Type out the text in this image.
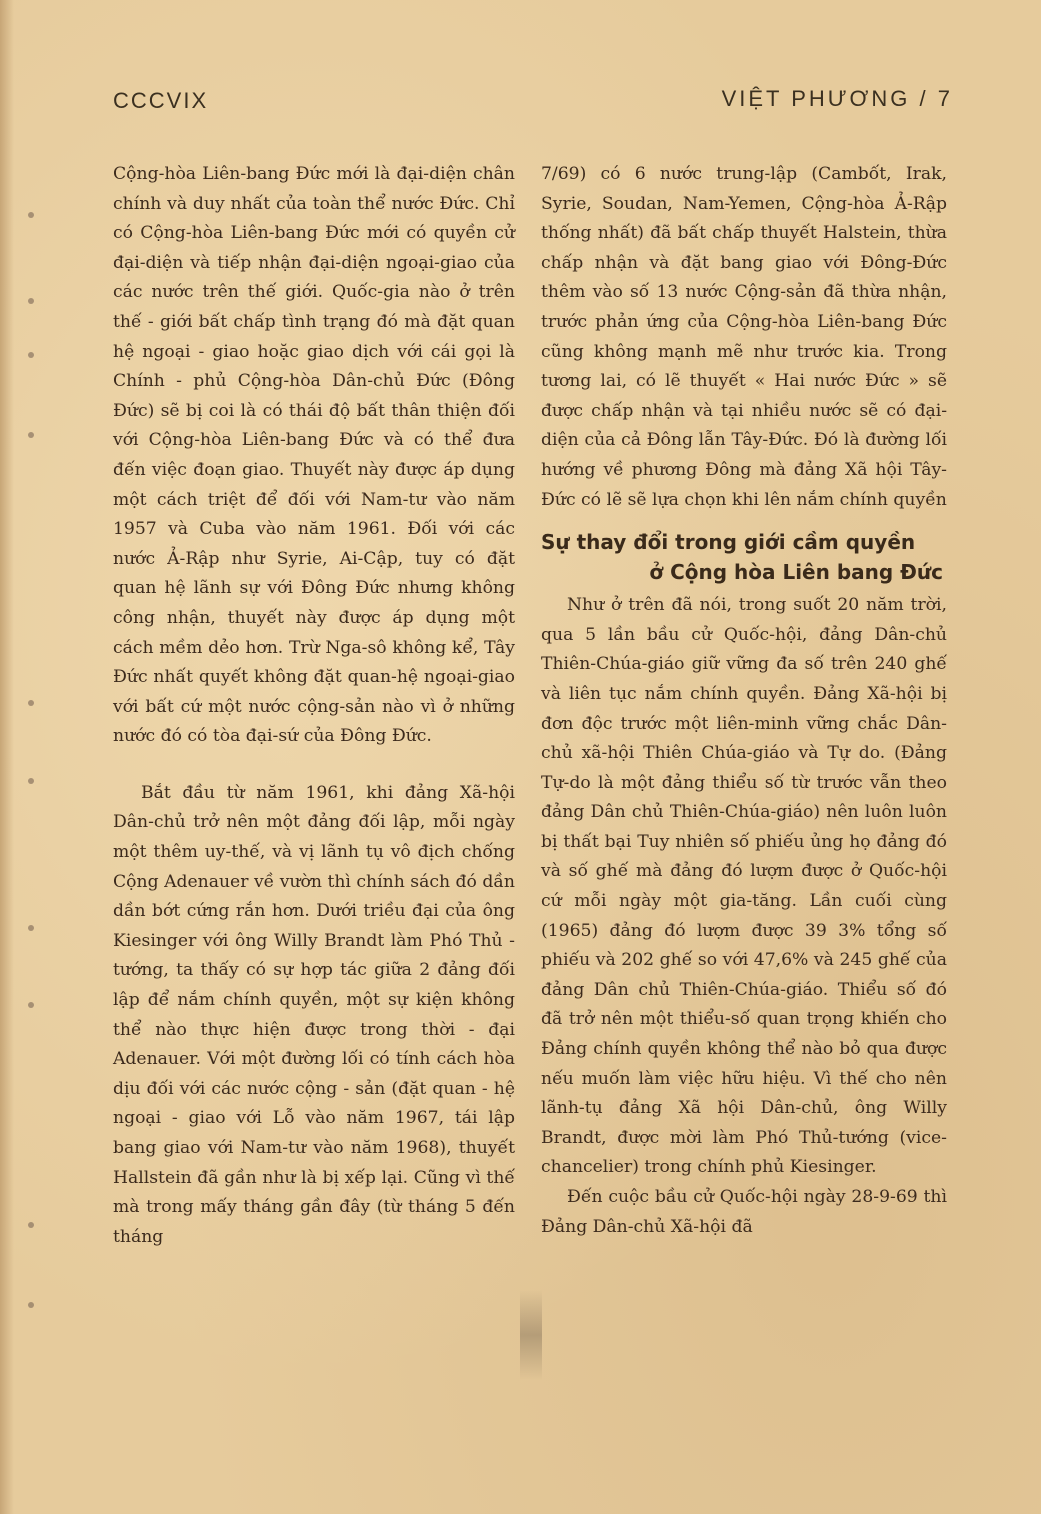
CCCVIX	VIỆT PHƯƠNG / 7

Cộng-hòa Liên-bang Đức mới là đại-diện chân chính và duy nhất của toàn thể nước Đức. Chỉ có Cộng-hòa Liên-bang Đức mới có quyền cử đại-diện và tiếp nhận đại-diện ngoại-giao của các nước trên thế giới. Quốc-gia nào ở trên thế - giới bất chấp tình trạng đó mà đặt quan hệ ngoại - giao hoặc giao dịch với cái gọi là Chính - phủ Cộng-hòa Dân-chủ Đức (Đông Đức) sẽ bị coi là có thái độ bất thân thiện đối với Cộng-hòa Liên-bang Đức và có thể đưa đến việc đoạn giao. Thuyết này được áp dụng một cách triệt để đối với Nam-tư vào năm 1957 và Cuba vào năm 1961. Đối với các nước Ả-Rập như Syrie, Ai-Cập, tuy có đặt quan hệ lãnh sự với Đông Đức nhưng không công nhận, thuyết này được áp dụng một cách mềm dẻo hơn. Trừ Nga-sô không kể, Tây Đức nhất quyết không đặt quan-hệ ngoại-giao với bất cứ một nước cộng-sản nào vì ở những nước đó có tòa đại-sứ của Đông Đức.

Bắt đầu từ năm 1961, khi đảng Xã-hội Dân-chủ trở nên một đảng đối lập, mỗi ngày một thêm uy-thế, và vị lãnh tụ vô địch chống Cộng Adenauer về vườn thì chính sách đó dần dần bớt cứng rắn hơn. Dưới triều đại của ông Kiesinger với ông Willy Brandt làm Phó Thủ - tướng, ta thấy có sự hợp tác giữa 2 đảng đối lập để nắm chính quyền, một sự kiện không thể nào thực hiện được trong thời - đại Adenauer. Với một đường lối có tính cách hòa dịu đối với các nước cộng - sản (đặt quan - hệ ngoại - giao với Lỗ vào năm 1967, tái lập bang giao với Nam-tư vào năm 1968), thuyết Hallstein đã gần như là bị xếp lại. Cũng vì thế mà trong mấy tháng gần đây (từ tháng 5 đến tháng

7/69) có 6 nước trung-lập (Cambốt, Irak, Syrie, Soudan, Nam-Yemen, Cộng-hòa Ả-Rập thống nhất) đã bất chấp thuyết Halstein, thừa chấp nhận và đặt bang giao với Đông-Đức thêm vào số 13 nước Cộng-sản đã thừa nhận, trước phản ứng của Cộng-hòa Liên-bang Đức cũng không mạnh mẽ như trước kia. Trong tương lai, có lẽ thuyết « Hai nước Đức » sẽ được chấp nhận và tại nhiều nước sẽ có đại-diện của cả Đông lẫn Tây-Đức. Đó là đường lối hướng về phương Đông mà đảng Xã hội Tây-Đức có lẽ sẽ lựa chọn khi lên nắm chính quyền

Sự thay đổi trong giới cầm quyền
ở Cộng hòa Liên bang Đức

Như ở trên đã nói, trong suốt 20 năm trời, qua 5 lần bầu cử Quốc-hội, đảng Dân-chủ Thiên-Chúa-giáo giữ vững đa số trên 240 ghế và liên tục nắm chính quyền. Đảng Xã-hội bị đơn độc trước một liên-minh vững chắc Dân-chủ xã-hội Thiên Chúa-giáo và Tự do. (Đảng Tự-do là một đảng thiểu số từ trước vẫn theo đảng Dân chủ Thiên-Chúa-giáo) nên luôn luôn bị thất bại Tuy nhiên số phiếu ủng họ đảng đó và số ghế mà đảng đó lượm được ở Quốc-hội cứ mỗi ngày một gia-tăng. Lần cuối cùng (1965) đảng đó lượm được 39 3% tổng số phiếu và 202 ghế so với 47,6% và 245 ghế của đảng Dân chủ Thiên-Chúa-giáo. Thiểu số đó đã trở nên một thiểu-số quan trọng khiến cho Đảng chính quyền không thể nào bỏ qua được nếu muốn làm việc hữu hiệu. Vì thế cho nên lãnh-tụ đảng Xã hội Dân-chủ, ông Willy Brandt, được mời làm Phó Thủ-tướng (vice-chancelier) trong chính phủ Kiesinger.

Đến cuộc bầu cử Quốc-hội ngày 28-9-69 thì Đảng Dân-chủ Xã-hội đã
